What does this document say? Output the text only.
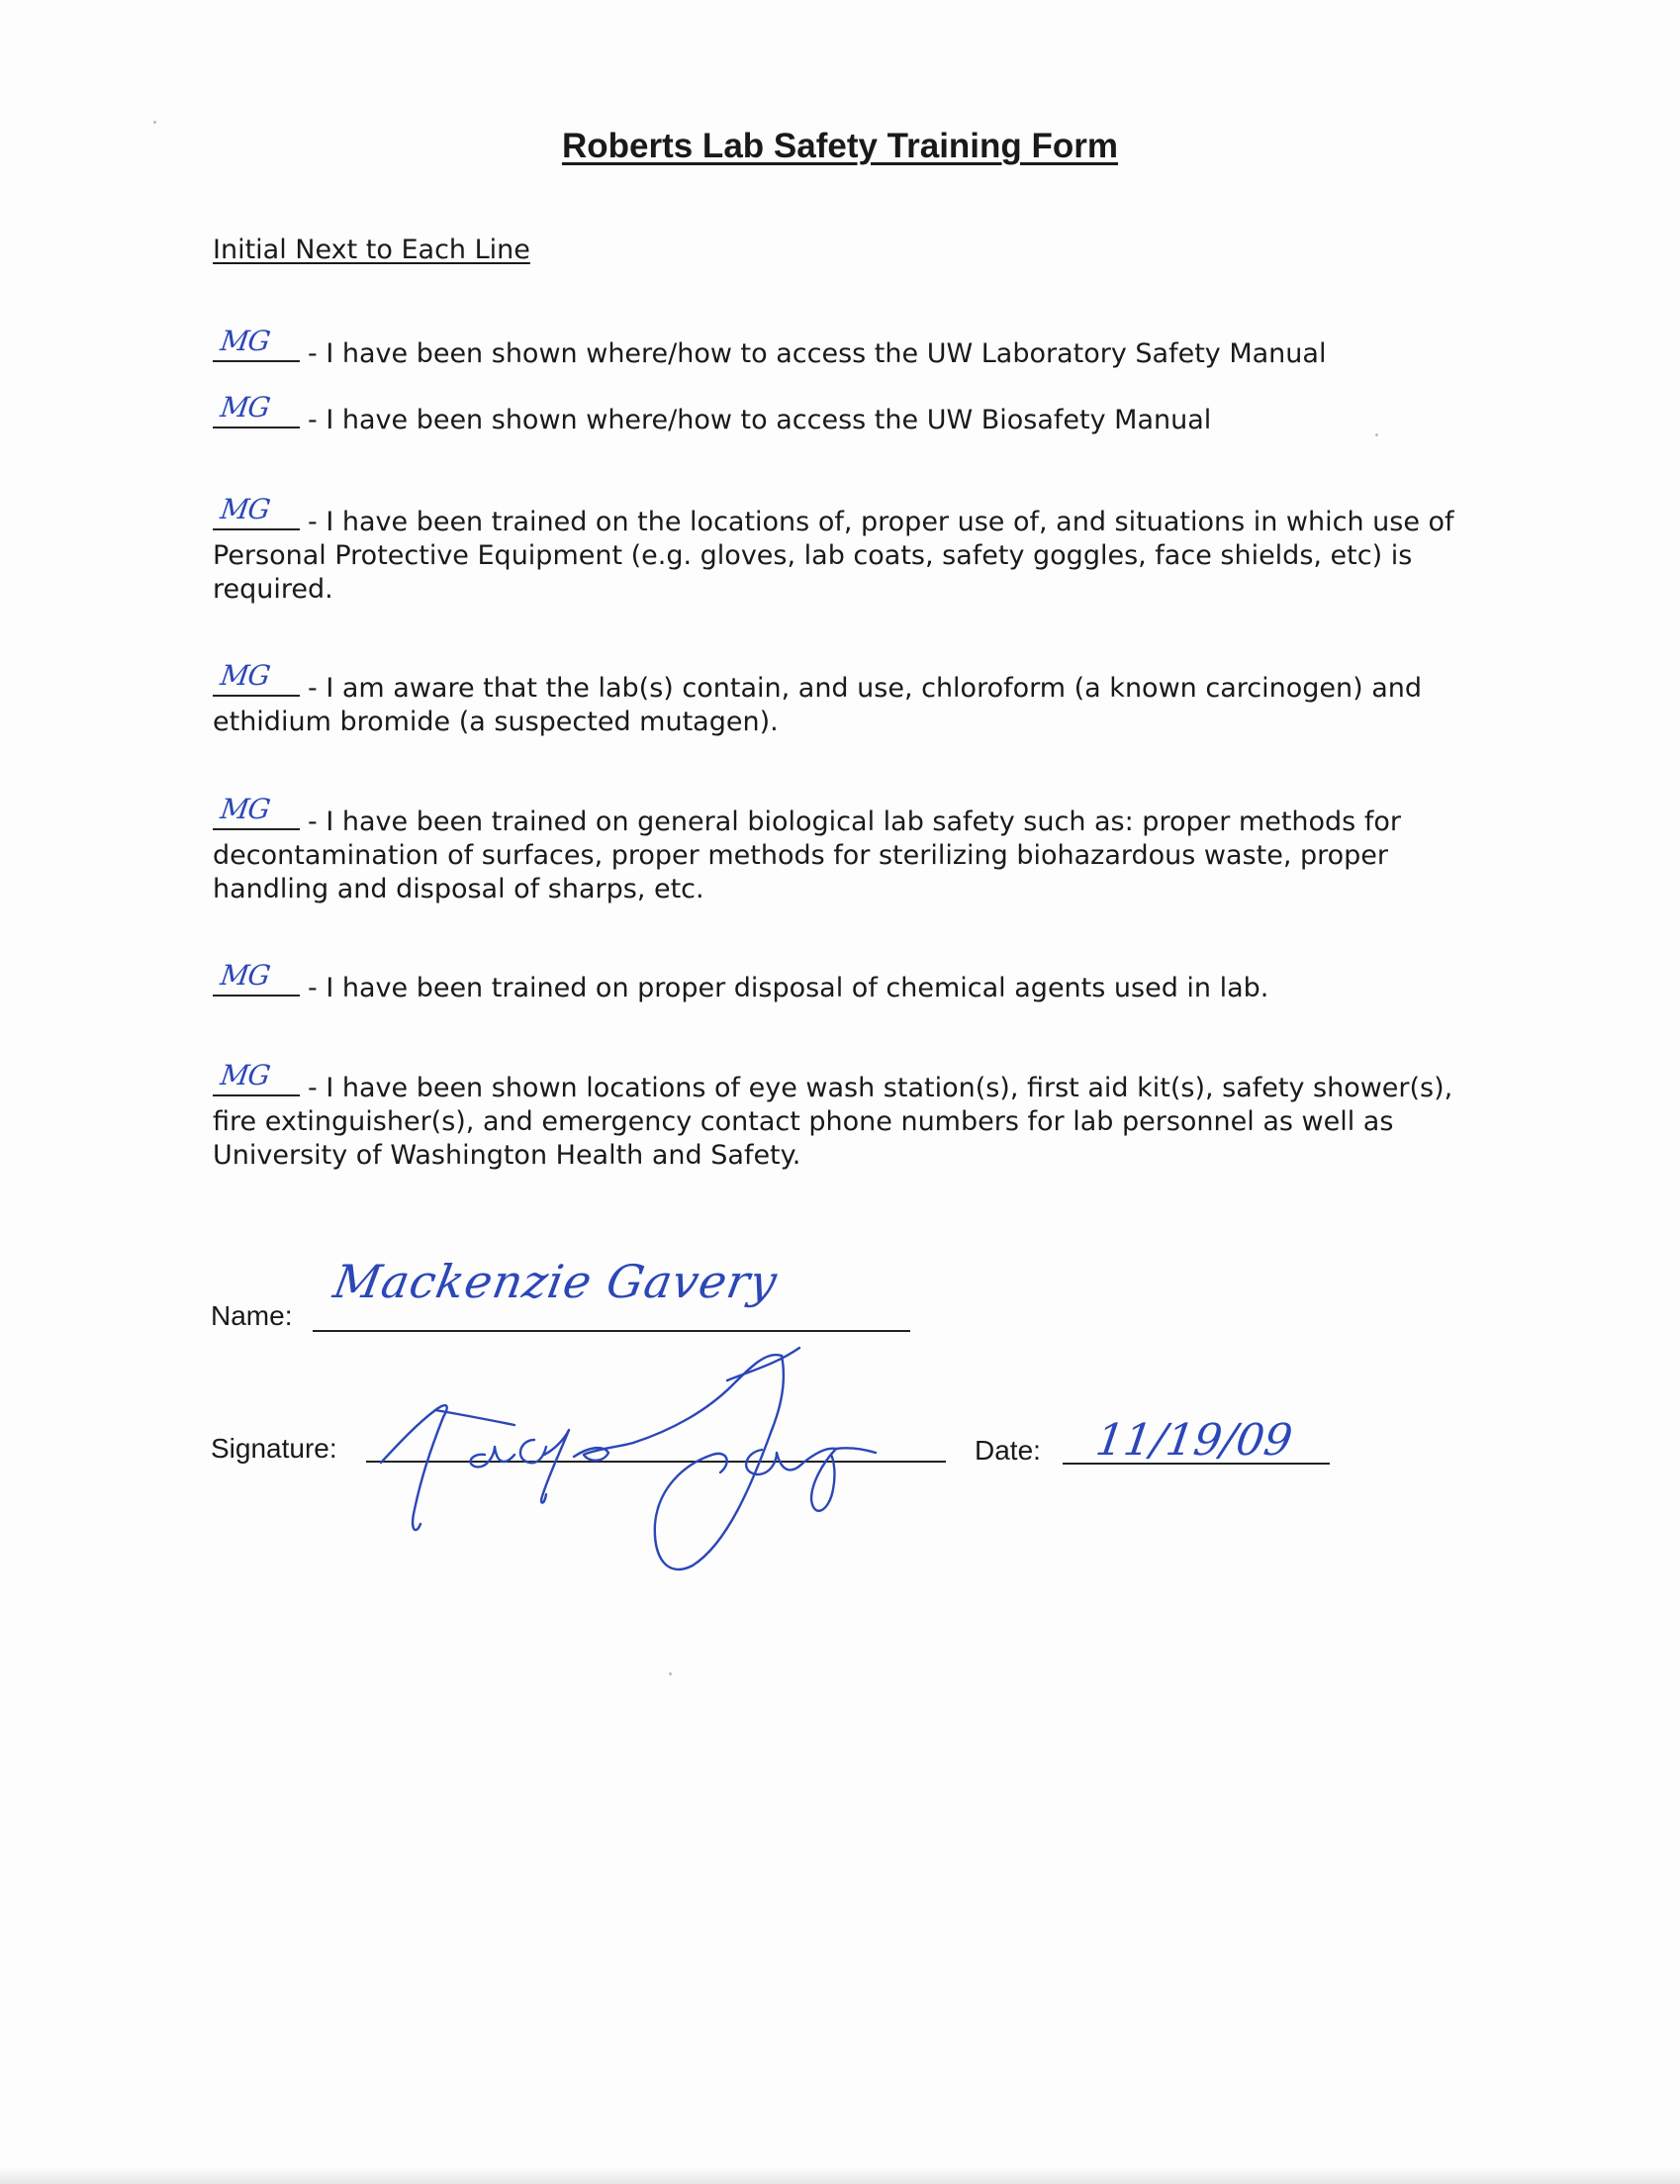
Roberts Lab Safety Training Form
Initial Next to Each Line
MG - I have been shown where/how to access the UW Laboratory Safety Manual
MG - I have been shown where/how to access the UW Biosafety Manual
MG - I have been trained on the locations of, proper use of, and situations in which use of Personal Protective Equipment (e.g. gloves, lab coats, safety goggles, face shields, etc) is required.
MG - I am aware that the lab(s) contain, and use, chloroform (a known carcinogen) and ethidium bromide (a suspected mutagen).
MG - I have been trained on general biological lab safety such as: proper methods for decontamination of surfaces, proper methods for sterilizing biohazardous waste, proper handling and disposal of sharps, etc.
MG - I have been trained on proper disposal of chemical agents used in lab.
MG - I have been shown locations of eye wash station(s), first aid kit(s), safety shower(s), fire extinguisher(s), and emergency contact phone numbers for lab personnel as well as University of Washington Health and Safety.
Name:
Mackenzie Gavery
Signature:	Date: 11/19/09
